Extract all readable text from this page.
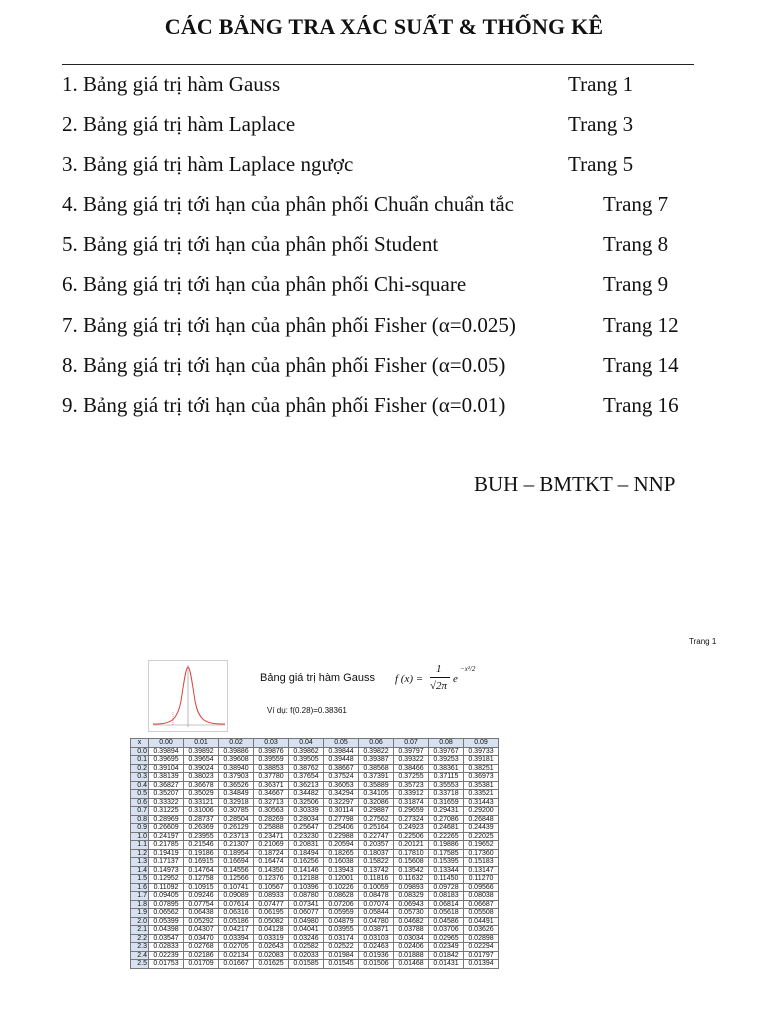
CÁC BẢNG TRA XÁC SUẤT & THỐNG KÊ
1. Bảng giá trị hàm Gauss	Trang 1
2. Bảng giá trị hàm Laplace	Trang 3
3. Bảng giá trị hàm Laplace ngược	Trang 5
4. Bảng giá trị tới hạn của phân phối Chuẩn chuẩn tắc	Trang 7
5. Bảng giá trị tới hạn của phân phối Student	Trang 8
6. Bảng giá trị tới hạn của phân phối Chi-square	Trang 9
7. Bảng giá trị tới hạn của phân phối Fisher (α=0.025)	Trang 12
8. Bảng giá trị tới hạn của phân phối Fisher (α=0.05)	Trang 14
9. Bảng giá trị tới hạn của phân phối Fisher (α=0.01)	Trang 16
BUH – BMTKT – NNP
Trang 1
Bảng giá trị hàm Gauss f (x) =
1
√2π
e
−x²/2
Ví dụ: f(0.28)=0.38361
x	0.00	0.01	0.02	0.03	0.04	0.05	0.06	0.07	0.08	0.09
0.0	0.39894	0.39892	0.39886	0.39876	0.39862	0.39844	0.39822	0.39797	0.39767	0.39733
0.1	0.39695	0.39654	0.39608	0.39559	0.39505	0.39448	0.39387	0.39322	0.39253	0.39181
0.2	0.39104	0.39024	0.38940	0.38853	0.38762	0.38667	0.38568	0.38466	0.38361	0.38251
0.3	0.38139	0.38023	0.37903	0.37780	0.37654	0.37524	0.37391	0.37255	0.37115	0.36973
0.4	0.36827	0.36678	0.36526	0.36371	0.36213	0.36053	0.35889	0.35723	0.35553	0.35381
0.5	0.35207	0.35029	0.34849	0.34667	0.34482	0.34294	0.34105	0.33912	0.33718	0.33521
0.6	0.33322	0.33121	0.32918	0.32713	0.32506	0.32297	0.32086	0.31874	0.31659	0.31443
0.7	0.31225	0.31006	0.30785	0.30563	0.30339	0.30114	0.29887	0.29659	0.29431	0.29200
0.8	0.28969	0.28737	0.28504	0.28269	0.28034	0.27798	0.27562	0.27324	0.27086	0.26848
0.9	0.26609	0.26369	0.26129	0.25888	0.25647	0.25406	0.25164	0.24923	0.24681	0.24439
1.0	0.24197	0.23955	0.23713	0.23471	0.23230	0.22988	0.22747	0.22506	0.22265	0.22025
1.1	0.21785	0.21546	0.21307	0.21069	0.20831	0.20594	0.20357	0.20121	0.19886	0.19652
1.2	0.19419	0.19186	0.18954	0.18724	0.18494	0.18265	0.18037	0.17810	0.17585	0.17360
1.3	0.17137	0.16915	0.16694	0.16474	0.16256	0.16038	0.15822	0.15608	0.15395	0.15183
1.4	0.14973	0.14764	0.14556	0.14350	0.14146	0.13943	0.13742	0.13542	0.13344	0.13147
1.5	0.12952	0.12758	0.12566	0.12376	0.12188	0.12001	0.11816	0.11632	0.11450	0.11270
1.6	0.11092	0.10915	0.10741	0.10567	0.10396	0.10226	0.10059	0.09893	0.09728	0.09566
1.7	0.09405	0.09246	0.09089	0.08933	0.08780	0.08628	0.08478	0.08329	0.08183	0.08038
1.8	0.07895	0.07754	0.07614	0.07477	0.07341	0.07206	0.07074	0.06943	0.06814	0.06687
1.9	0.06562	0.06438	0.06316	0.06195	0.06077	0.05959	0.05844	0.05730	0.05618	0.05508
2.0	0.05399	0.05292	0.05186	0.05082	0.04980	0.04879	0.04780	0.04682	0.04586	0.04491
2.1	0.04398	0.04307	0.04217	0.04128	0.04041	0.03955	0.03871	0.03788	0.03706	0.03626
2.2	0.03547	0.03470	0.03394	0.03319	0.03246	0.03174	0.03103	0.03034	0.02965	0.02898
2.3	0.02833	0.02768	0.02705	0.02643	0.02582	0.02522	0.02463	0.02406	0.02349	0.02294
2.4	0.02239	0.02186	0.02134	0.02083	0.02033	0.01984	0.01936	0.01888	0.01842	0.01797
2.5	0.01753	0.01709	0.01667	0.01625	0.01585	0.01545	0.01506	0.01468	0.01431	0.01394
